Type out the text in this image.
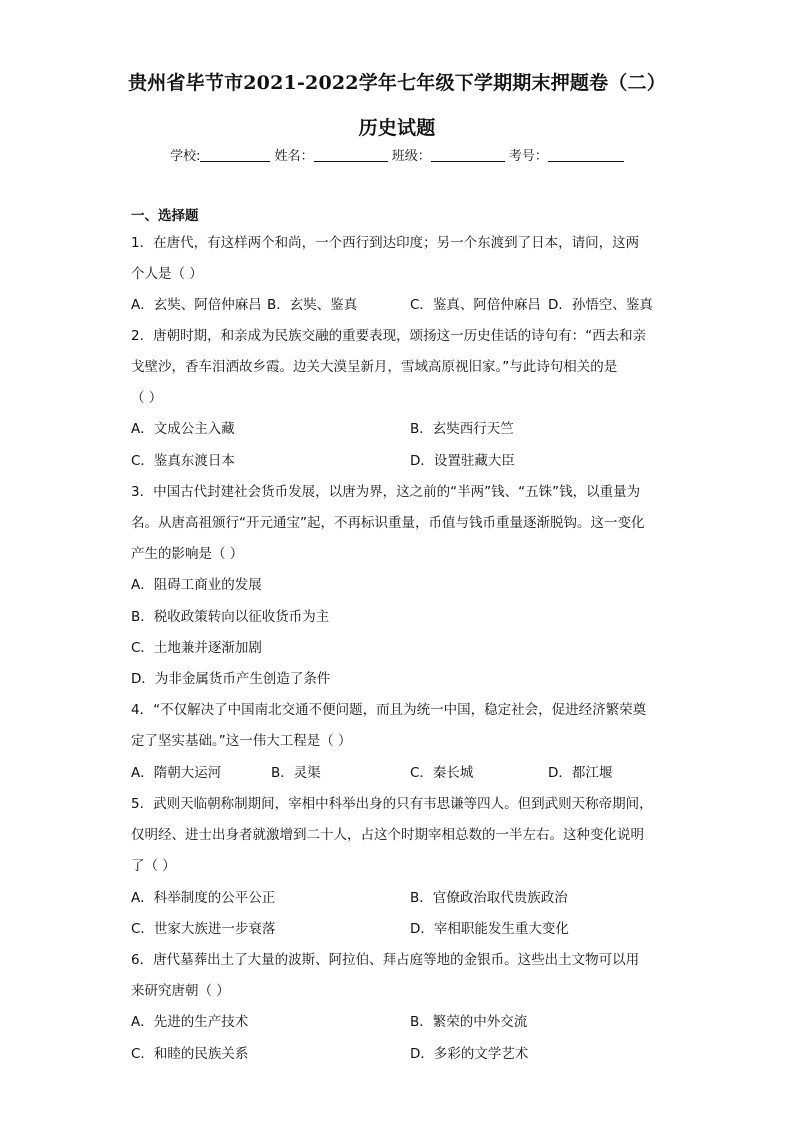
贵州省毕节市2021-2022学年七年级下学期期末押题卷（二）
历史试题
学校:	姓名：	班级：	考号：
一、选择题
1．在唐代，有这样两个和尚，一个西行到达印度；另一个东渡到了日本，请问，这两
个人是（ ）
A．玄奘、阿倍仲麻吕 B．玄奘、鉴真	C．鉴真、阿倍仲麻吕 D．孙悟空、鉴真
2．唐朝时期，和亲成为民族交融的重要表现，颂扬这一历史佳话的诗句有：“西去和亲
戈壁沙，香车泪洒故乡霞。边关大漠呈新月，雪域高原视旧家。”与此诗句相关的是
（ ）
A．文成公主入藏	B．玄奘西行天竺
C．鉴真东渡日本	D．设置驻藏大臣
3．中国古代封建社会货币发展，以唐为界，这之前的“半两”钱、“五铢”钱，以重量为
名。从唐高祖颁行“开元通宝”起，不再标识重量，币值与钱币重量逐渐脱钩。这一变化
产生的影响是（ ）
A．阻碍工商业的发展
B．税收政策转向以征收货币为主
C．土地兼并逐渐加剧
D．为非金属货币产生创造了条件
4．“不仅解决了中国南北交通不便问题，而且为统一中国，稳定社会，促进经济繁荣奠
定了坚实基础。”这一伟大工程是（ ）
A．隋朝大运河	B．灵渠	C．秦长城	D．都江堰
5．武则天临朝称制期间，宰相中科举出身的只有韦思谦等四人。但到武则天称帝期间，
仅明经、进士出身者就激增到二十人，占这个时期宰相总数的一半左右。这种变化说明
了（ ）
A．科举制度的公平公正	B．官僚政治取代贵族政治
C．世家大族进一步衰落	D．宰相职能发生重大变化
6．唐代墓葬出土了大量的波斯、阿拉伯、拜占庭等地的金银币。这些出土文物可以用
来研究唐朝（ ）
A．先进的生产技术	B．繁荣的中外交流
C．和睦的民族关系	D．多彩的文学艺术
